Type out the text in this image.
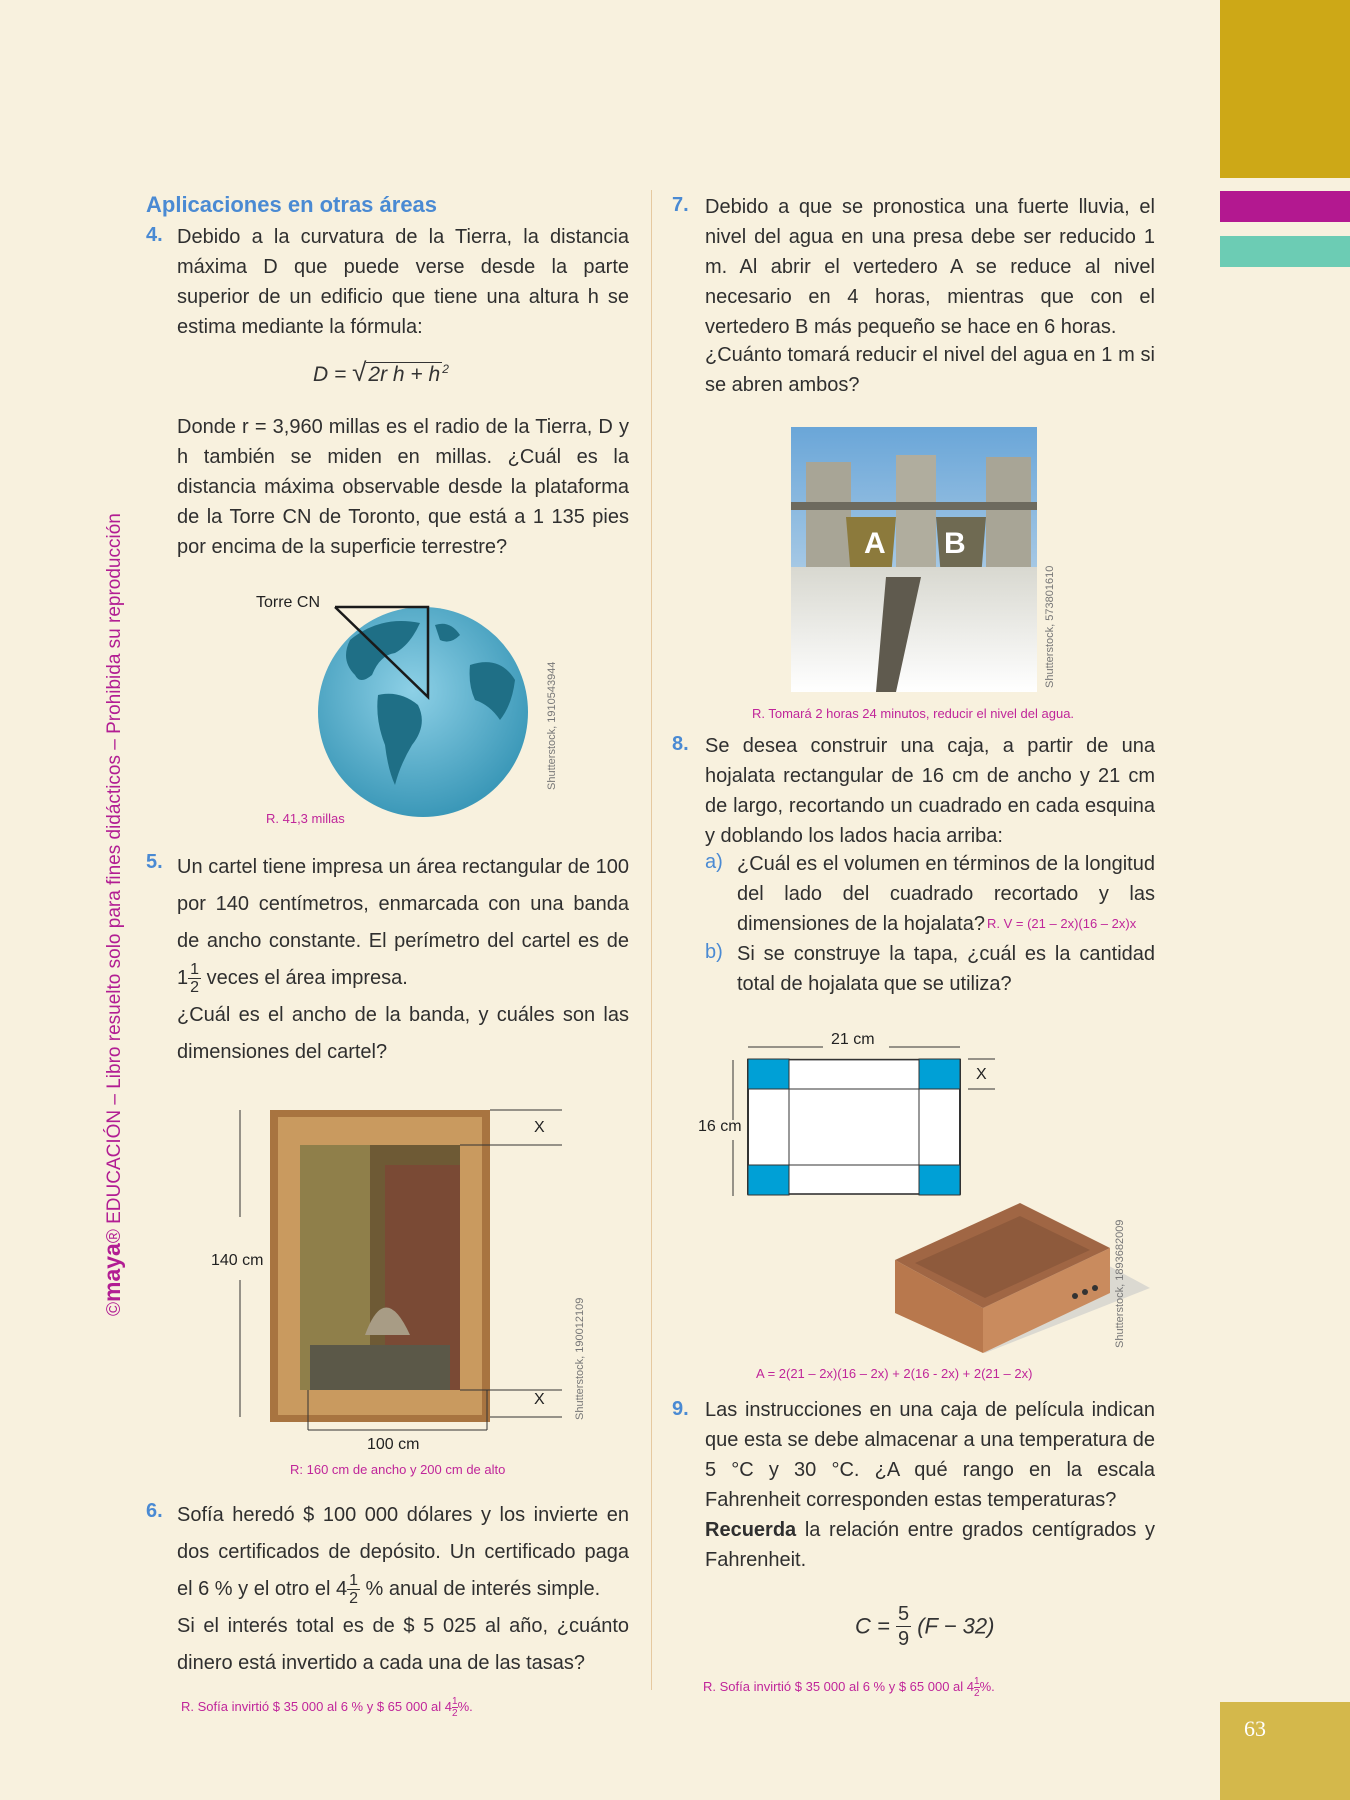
63
©maya® EDUCACIÓN – Libro resuelto solo para fines didácticos – Prohibida su reproducción
Aplicaciones en otras áreas
4. Debido a la curvatura de la Tierra, la distancia máxima D que puede verse desde la parte superior de un edificio que tiene una altura h se estima mediante la fórmula:
D = √2r h + h $^2$
Donde r = 3,960 millas es el radio de la Tierra, D y h también se miden en millas. ¿Cuál es la distancia máxima observable desde la plataforma de la Torre CN de Toronto, que está a 1 135 pies por encima de la superficie terrestre?
Torre CN
Shutterstock, 1910543944
R. 41,3 millas
5. Un cartel tiene impresa un área rectangular de 100 por 140 centímetros, enmarcada con una banda de ancho constante. El perímetro del cartel es de $1 \frac{1}{2}$ veces el área impresa.
¿Cuál es el ancho de la banda, y cuáles son las dimensiones del cartel?
140 cm
X
X
100 cm
Shutterstock, 190012109
R: 160 cm de ancho y 200 cm de alto
6. Sofía heredó $ 100 000 dólares y los invierte en dos certificados de depósito. Un certificado paga el 6 % y el otro el $4 \frac{1}{2}$ % anual de interés simple.
Si el interés total es de $ 5 025 al año, ¿cuánto dinero está invertido a cada una de las tasas?
R. Sofía invirtió $ 35 000 al 6 % y $ 65 000 al $4 \frac{1}{2}$ %.
7. Debido a que se pronostica una fuerte lluvia, el nivel del agua en una presa debe ser reducido 1 m. Al abrir el vertedero A se reduce al nivel necesario en 4 horas, mientras que con el vertedero B más pequeño se hace en 6 horas.
¿Cuánto tomará reducir el nivel del agua en 1 m si se abren ambos?
A B
Shutterstock, 573801610
R. Tomará 2 horas 24 minutos, reducir el nivel del agua.
8. Se desea construir una caja, a partir de una hojalata rectangular de 16 cm de ancho y 21 cm de largo, recortando un cuadrado en cada esquina y doblando los lados hacia arriba:
a) ¿Cuál es el volumen en términos de la longitud del lado del cuadrado recortado y las dimensiones de la hojalata? R. V = (21 – 2x)(16 – 2x)x
b) Si se construye la tapa, ¿cuál es la cantidad total de hojalata que se utiliza?
21 cm
16 cm
X
Shutterstock, 1893682009
A = 2(21 – 2x)(16 – 2x) + 2(16 - 2x) + 2(21 – 2x)
9. Las instrucciones en una caja de película indican que esta se debe almacenar a una temperatura de 5 °C y 30 °C. ¿A qué rango en la escala Fahrenheit corresponden estas temperaturas?
Recuerda la relación entre grados centígrados y Fahrenheit.
$C = \frac{5}{9} (F - 32)$
R. Sofía invirtió $ 35 000 al 6 % y $ 65 000 al $4 \frac{1}{2}$ %.
